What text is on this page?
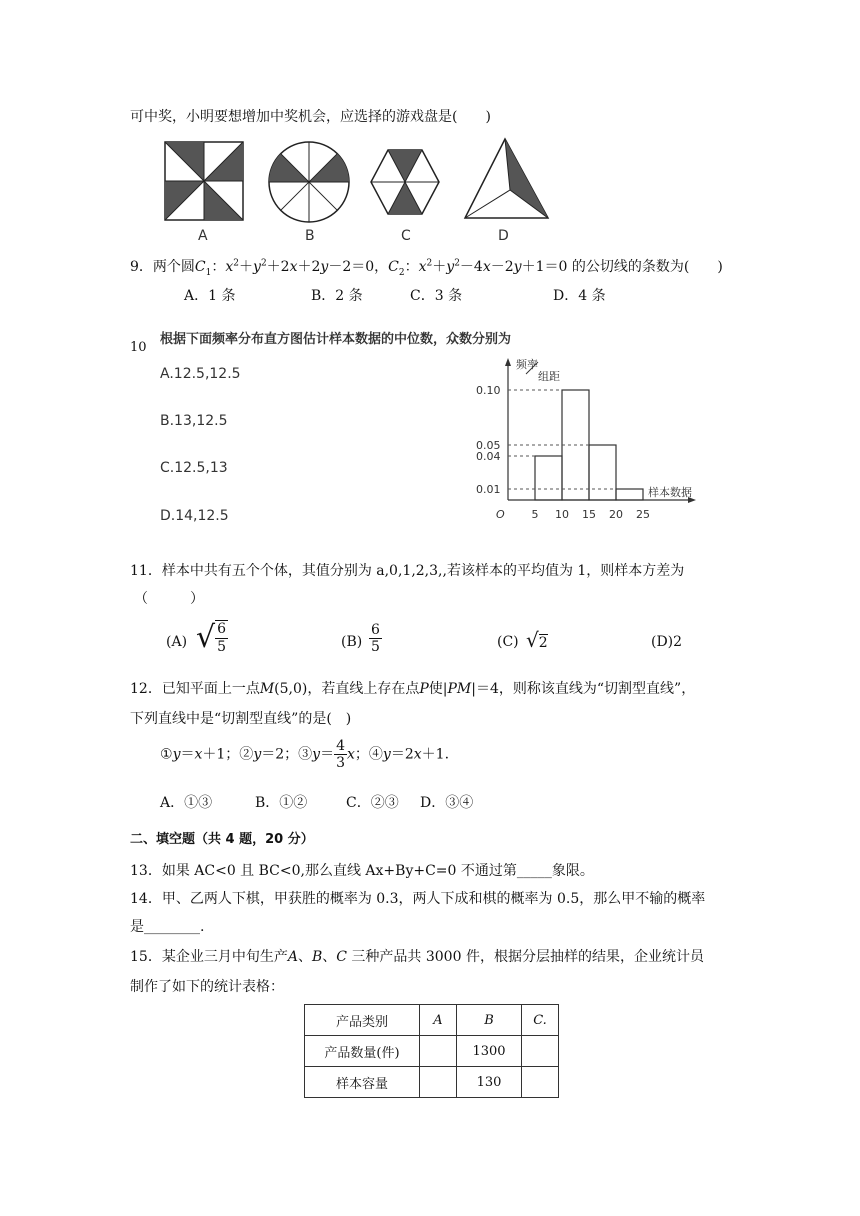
可中奖，小明要想增加中奖机会，应选择的游戏盘是(　　)
A	B	C	D
9．两个圆$C_1$：$x^2+y^2+2x+2y-2=0$，$C_2$：$x^2+y^2-4x-2y+1=0$ 的公切线的条数为(　　)
A．1 条	B．2 条	C．3 条	D．4 条
10
根据下面频率分布直方图估计样本数据的中位数，众数分别为
A.12.5,12.5
B.13,12.5
C.12.5,13
D.14,12.5
频率
组距
样本数据
O
0.10
0.05
0.04
0.01
5 10 15 20 25
11．样本中共有五个个体，其值分别为 a,0,1,2,3,,若该样本的平均值为 1，则样本方差为
（　　　）
(A) √ $\frac{6}{5}$	$(B) \frac{6}{5}$	(C) √2	(D)2
12．已知平面上一点M(5,0)，若直线上存在点P使|PM|＝4，则称该直线为“切割型直线”，
下列直线中是“切割型直线”的是(　)
①y＝x＋1；②y＝2；③y＝ $\frac{4}{3}$ x；④y＝2x＋1.
A．①③	B．①②	C．②③ D．③④
二、填空题（共 4 题，20 分）
13．如果 AC<0 且 BC<0,那么直线 Ax+By+C=0 不通过第_____象限。
14．甲、乙两人下棋，甲获胜的概率为 0.3，两人下成和棋的概率为 0.5，那么甲不输的概率
是________.
15．某企业三月中旬生产A、B、C 三种产品共 3000 件，根据分层抽样的结果，企业统计员
制作了如下的统计表格：
产品类别	A	B	C.
产品数量(件)		1300	
样本容量		130	
